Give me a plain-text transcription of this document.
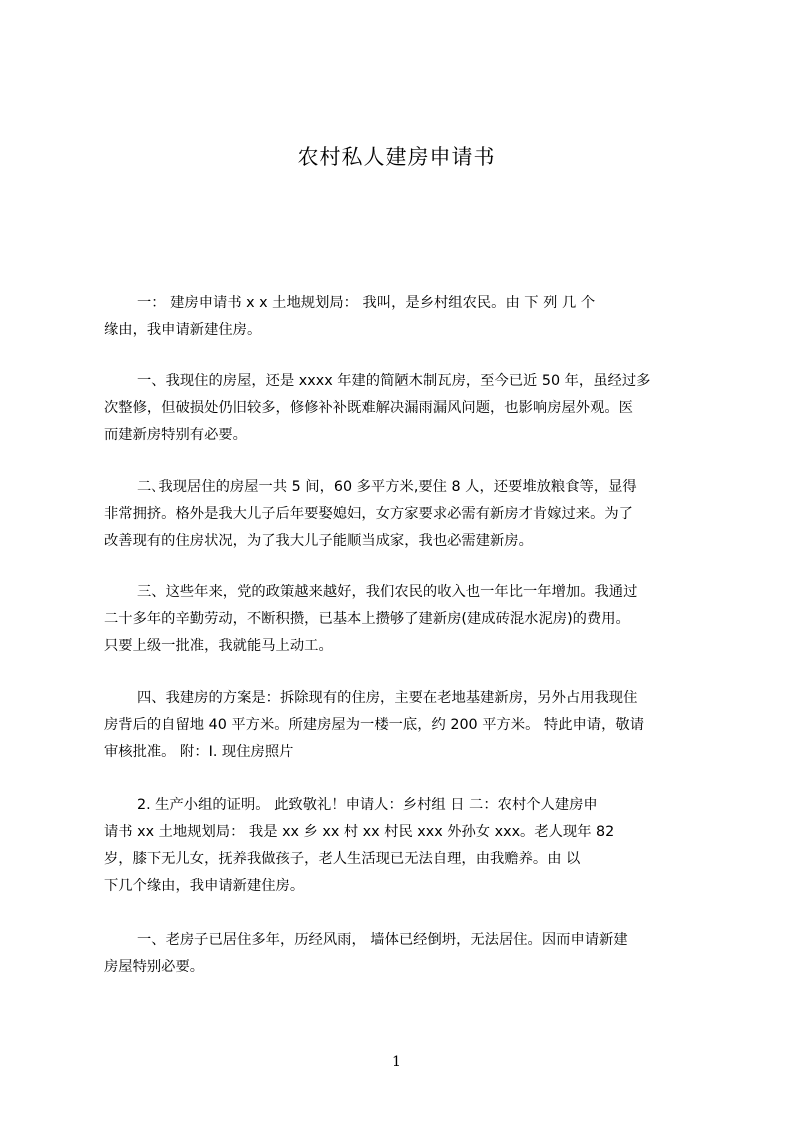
农村私人建房申请书
一： 建房申请书 x x 土地规划局： 我叫，是乡村组农民。由 下 列 几 个
缘由，我申请新建住房。
一、我现住的房屋，还是 xxxx 年建的简陋木制瓦房，至今已近 50 年，虽经过多
次整修，但破损处仍旧较多，修修补补既难解决漏雨漏风问题，也影响房屋外观。医
而建新房特别有必要。
二､我现居住的房屋一共 5 间，60 多平方米,要住 8 人，还要堆放粮食等，显得
非常拥挤。格外是我大儿子后年要娶媳妇，女方家要求必需有新房才肯嫁过来。为了
改善现有的住房状况，为了我大儿子能顺当成家，我也必需建新房。
三、这些年来，党的政策越来越好，我们农民的收入也一年比一年增加。我通过
二十多年的辛勤劳动，不断积攒，已基本上攒够了建新房(建成砖混水泥房)的费用。
只要上级一批准，我就能马上动工。
四、我建房的方案是：拆除现有的住房，主要在老地基建新房，另外占用我现住
房背后的自留地 40 平方米。所建房屋为一楼一底，约 200 平方米。 特此申请，敬请
审核批准。 附：Ⅰ. 现住房照片
2. 生产小组的证明。 此致敬礼！申请人：乡村组 日 二：农村个人建房申
请书 xx 土地规划局： 我是 xx 乡 xx 村 xx 村民 xxx 外孙女 xxx。老人现年 82
岁，膝下无儿女，抚养我做孩子，老人生活现已无法自理，由我赡养。由 以
下几个缘由，我申请新建住房。
一、老房子已居住多年，历经风雨， 墙体已经倒坍，无法居住。因而申请新建
房屋特别必要。
1
